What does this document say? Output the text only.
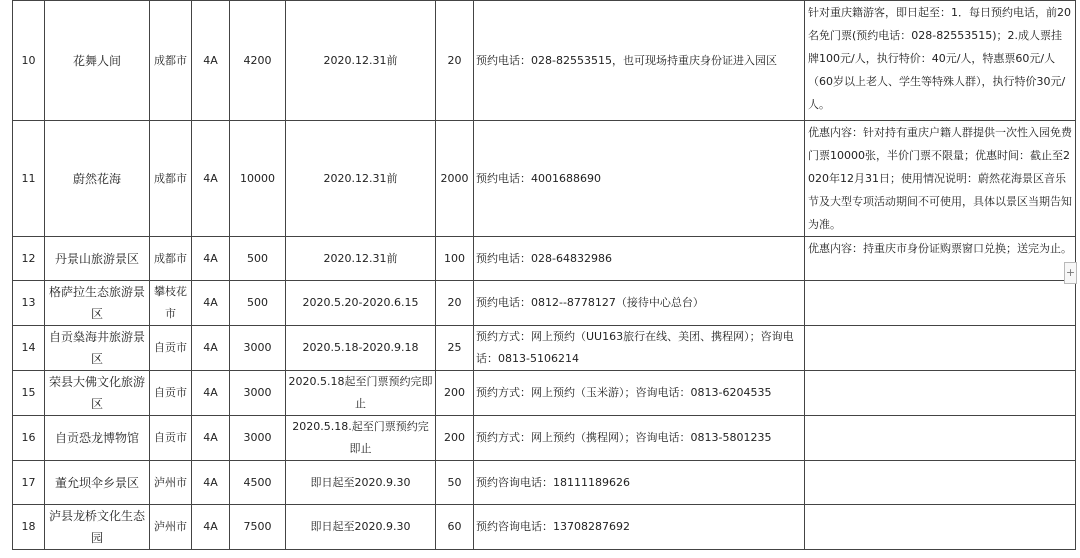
10	花舞人间	成都市	4A	4200	2020.12.31前	20	预约电话：028-82553515，也可现场持重庆身份证进入园区	针对重庆籍游客，即日起至：1．每日预约电话，前20名免门票(预约电话：028-82553515)；2.成人票挂牌100元/人，执行特价：40元/人，特惠票60元/人（60岁以上老人、学生等特殊人群），执行特价30元/人。
11	蔚然花海	成都市	4A	10000	2020.12.31前	2000	预约电话：4001688690	优惠内容：针对持有重庆户籍人群提供一次性入园免费门票10000张，半价门票不限量；优惠时间：截止至2020年12月31日；使用情况说明：蔚然花海景区音乐节及大型专项活动期间不可使用，具体以景区当期告知为准。
12	丹景山旅游景区	成都市	4A	500	2020.12.31前	100	预约电话：028-64832986	优惠内容：持重庆市身份证购票窗口兑换；送完为止。
13	格萨拉生态旅游景区	攀枝花市	4A	500	2020.5.20-2020.6.15	20	预约电话：0812--8778127（接待中心总台）	
14	自贡燊海井旅游景区	自贡市	4A	3000	2020.5.18-2020.9.18	25	预约方式：网上预约（UU163旅行在线、美团、携程网）；咨询电话：0813-5106214	
15	荣县大佛文化旅游区	自贡市	4A	3000	2020.5.18起至门票预约完即止	200	预约方式：网上预约（玉米游）；咨询电话：0813-6204535	
16	自贡恐龙博物馆	自贡市	4A	3000	2020.5.18.起至门票预约完即止	200	预约方式：网上预约（携程网）；咨询电话：0813-5801235	
17	董允坝伞乡景区	泸州市	4A	4500	即日起至2020.9.30	50	预约咨询电话：18111189626	
18	泸县龙桥文化生态园	泸州市	4A	7500	即日起至2020.9.30	60	预约咨询电话：13708287692	
+
